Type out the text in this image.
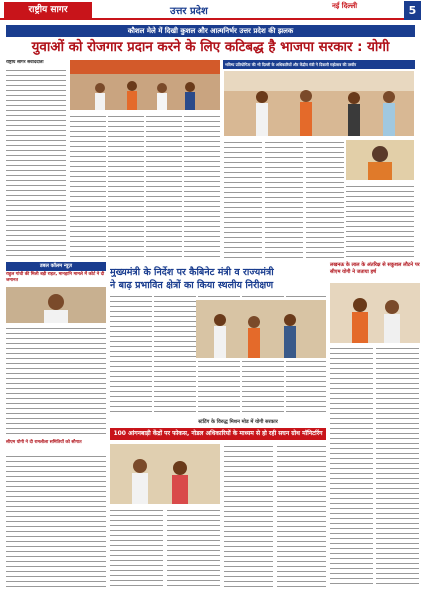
राष्ट्रीय सागर	उत्तर प्रदेश	नई दिल्ली	5
कौशल मेले में दिखी कुशल और आत्मनिर्भर उत्तर प्रदेश की झलक
युवाओं को रोजगार प्रदान करने के लिए कटिबद्ध है भाजपा सरकार : योगी
राष्ट्रीय सागर संवाददाता	भविष्य प्रतियोगिता की भी दिल्ली के अधिकारियों और केंद्रीय मंत्री ने दिवाली महोत्सव की तस्वीर
लखनऊ के लाल के अंतरिक्ष से सकुशल लौटने पर सीएम योगी ने जताया हर्ष
डबल कॉलम न्यूज़
राहुल गांधी की मिली बड़ी राहत, मानहानि मामले में कोर्ट ने दी जमानत
मुख्यमंत्री के निर्देश पर कैबिनेट मंत्री व राज्यमंत्री
ने बाढ़ प्रभावित क्षेत्रों का किया स्थलीय निरीक्षण
स्टंटिंग के विरुद्ध मिशन मोड में योगी सरकार
100 आंगनबाड़ी केंद्रों पर फोकस, नोडल अधिकारियों के माध्यम से हो रही सघन ग्रोथ मॉनिटरिंग
सीएम योगी ने दी रामलीला समितियों को सौगात
